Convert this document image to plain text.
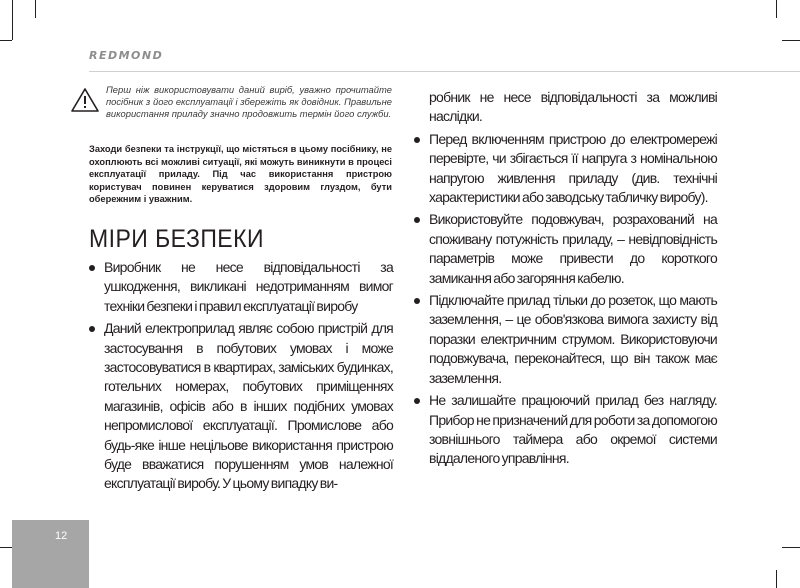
REDMOND

Перш ніж використовувати даний виріб, уважно прочитайте посібник з його експлуатації і збережіть як довідник. Правильне використання приладу значно продовжить термін його служби.

Заходи безпеки та інструкції, що містяться в цьому посібнику, не охоплюють всі можливі ситуації, які можуть виникнути в процесі експлуатації приладу. Під час використання пристрою користувач повинен керуватися здоровим глуздом, бути обережним і уважним.

МІРИ БЕЗПЕКИ
Виробник не несе відповідальності за ушкодження, викликані недотриманням вимог техніки безпеки і правил експлуатації виробу
Даний електроприлад являє собою пристрій для застосування в побутових умовах і може застосовуватися в квартирах, заміських будинках, готельних номерах, побутових приміщеннях магазинів, офісів або в інших подібних умовах непромислової експлуатації. Промислове або будь-яке інше нецільове використання пристрою буде вважатися порушенням умов належної експлуатації виробу. У цьому випадку ви-
робник не несе відповідальності за можливі наслідки.
Перед включенням пристрою до електромережі перевірте, чи збігається її напруга з номінальною напругою живлення приладу (див. технічні характеристики або заводську табличку виробу).
Використовуйте подовжувач, розрахований на споживану потужність приладу, – невідповідність параметрів може привести до короткого замикання або загоряння кабелю.
Підключайте прилад тільки до розеток, що мають заземлення, – це обов'язкова вимога захисту від поразки електричним струмом. Використовуючи подовжувача, переконайтеся, що він також має заземлення.
Не залишайте працюючий прилад без нагляду. Прибор не призначений для роботи за допомогою зовнішнього таймера або окремої системи віддаленого управління.
12
